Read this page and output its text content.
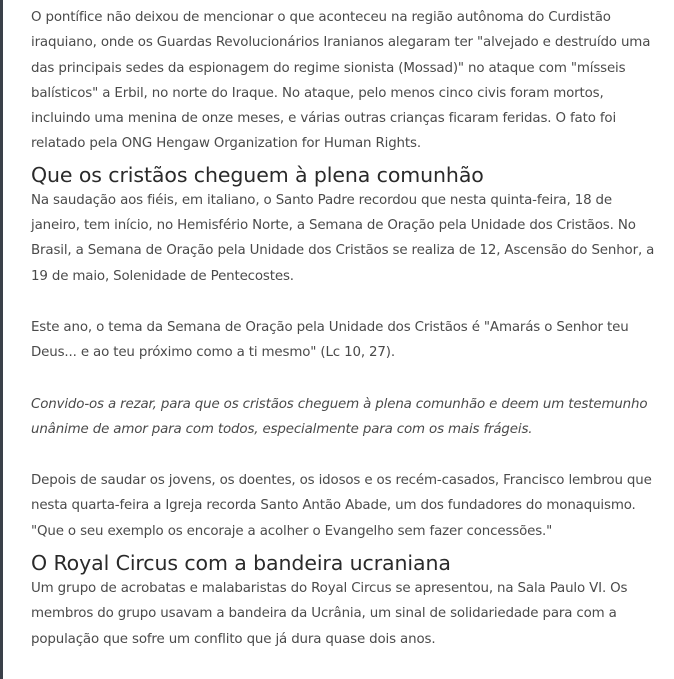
O pontífice não deixou de mencionar o que aconteceu na região autônoma do Curdistão iraquiano, onde os Guardas Revolucionários Iranianos alegaram ter "alvejado e destruído uma das principais sedes da espionagem do regime sionista (Mossad)" no ataque com "mísseis balísticos" a Erbil, no norte do Iraque. No ataque, pelo menos cinco civis foram mortos, incluindo uma menina de onze meses, e várias outras crianças ficaram feridas. O fato foi relatado pela ONG Hengaw Organization for Human Rights.

Que os cristãos cheguem à plena comunhão

Na saudação aos fiéis, em italiano, o Santo Padre recordou que nesta quinta-feira, 18 de janeiro, tem início, no Hemisfério Norte, a Semana de Oração pela Unidade dos Cristãos. No Brasil, a Semana de Oração pela Unidade dos Cristãos se realiza de 12, Ascensão do Senhor, a 19 de maio, Solenidade de Pentecostes.

Este ano, o tema da Semana de Oração pela Unidade dos Cristãos é "Amarás o Senhor teu Deus... e ao teu próximo como a ti mesmo" (Lc 10, 27).

Convido-os a rezar, para que os cristãos cheguem à plena comunhão e deem um testemunho unânime de amor para com todos, especialmente para com os mais frágeis.

Depois de saudar os jovens, os doentes, os idosos e os recém-casados, Francisco lembrou que nesta quarta-feira a Igreja recorda Santo Antão Abade, um dos fundadores do monaquismo. "Que o seu exemplo os encoraje a acolher o Evangelho sem fazer concessões."

O Royal Circus com a bandeira ucraniana

Um grupo de acrobatas e malabaristas do Royal Circus se apresentou, na Sala Paulo VI. Os membros do grupo usavam a bandeira da Ucrânia, um sinal de solidariedade para com a população que sofre um conflito que já dura quase dois anos.
